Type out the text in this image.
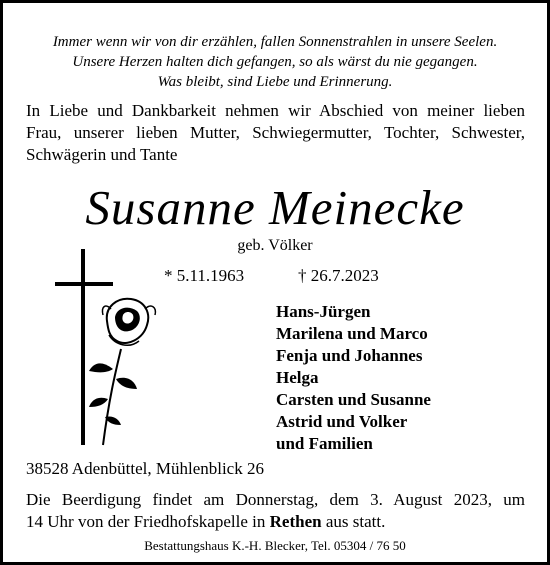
Immer wenn wir von dir erzählen, fallen Sonnenstrahlen in unsere Seelen.
Unsere Herzen halten dich gefangen, so als wärst du nie gegangen.
Was bleibt, sind Liebe und Erinnerung.
In Liebe und Dankbarkeit nehmen wir Abschied von meiner lieben
Frau, unserer lieben Mutter, Schwiegermutter, Tochter, Schwester,
Schwägerin und Tante
Susanne Meinecke
geb. Völker
* 5.11.1963	† 26.7.2023
Hans-Jürgen
Marilena und Marco
Fenja und Johannes
Helga
Carsten und Susanne
Astrid und Volker
und Familien
38528 Adenbüttel, Mühlenblick 26
Die Beerdigung findet am Donnerstag, dem 3. August 2023, um
14 Uhr von der Friedhofskapelle in Rethen aus statt.
Bestattungshaus K.-H. Blecker, Tel. 05304 / 76 50
